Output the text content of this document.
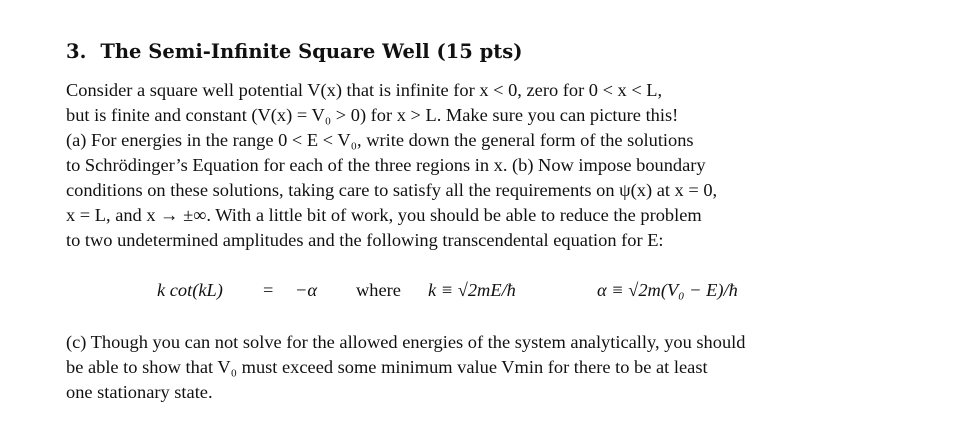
3. The Semi-Infinite Square Well (15 pts)
Consider a square well potential V(x) that is infinite for x < 0, zero for 0 < x < L,
but is finite and constant (V(x) = V₀ > 0) for x > L. Make sure you can picture this!
(a) For energies in the range 0 < E < V₀, write down the general form of the solutions
to Schrödinger’s Equation for each of the three regions in x. (b) Now impose boundary
conditions on these solutions, taking care to satisfy all the requirements on ψ(x) at x = 0,
x = L, and x → ±∞. With a little bit of work, you should be able to reduce the problem
to two undetermined amplitudes and the following transcendental equation for E:
k cot(kL) = −α where k ≡ √2mE/ħ	α ≡ √2m(V₀ − E)/ħ
(c) Though you can not solve for the allowed energies of the system analytically, you should
be able to show that V₀ must exceed some minimum value Vmin for there to be at least
one stationary state.
